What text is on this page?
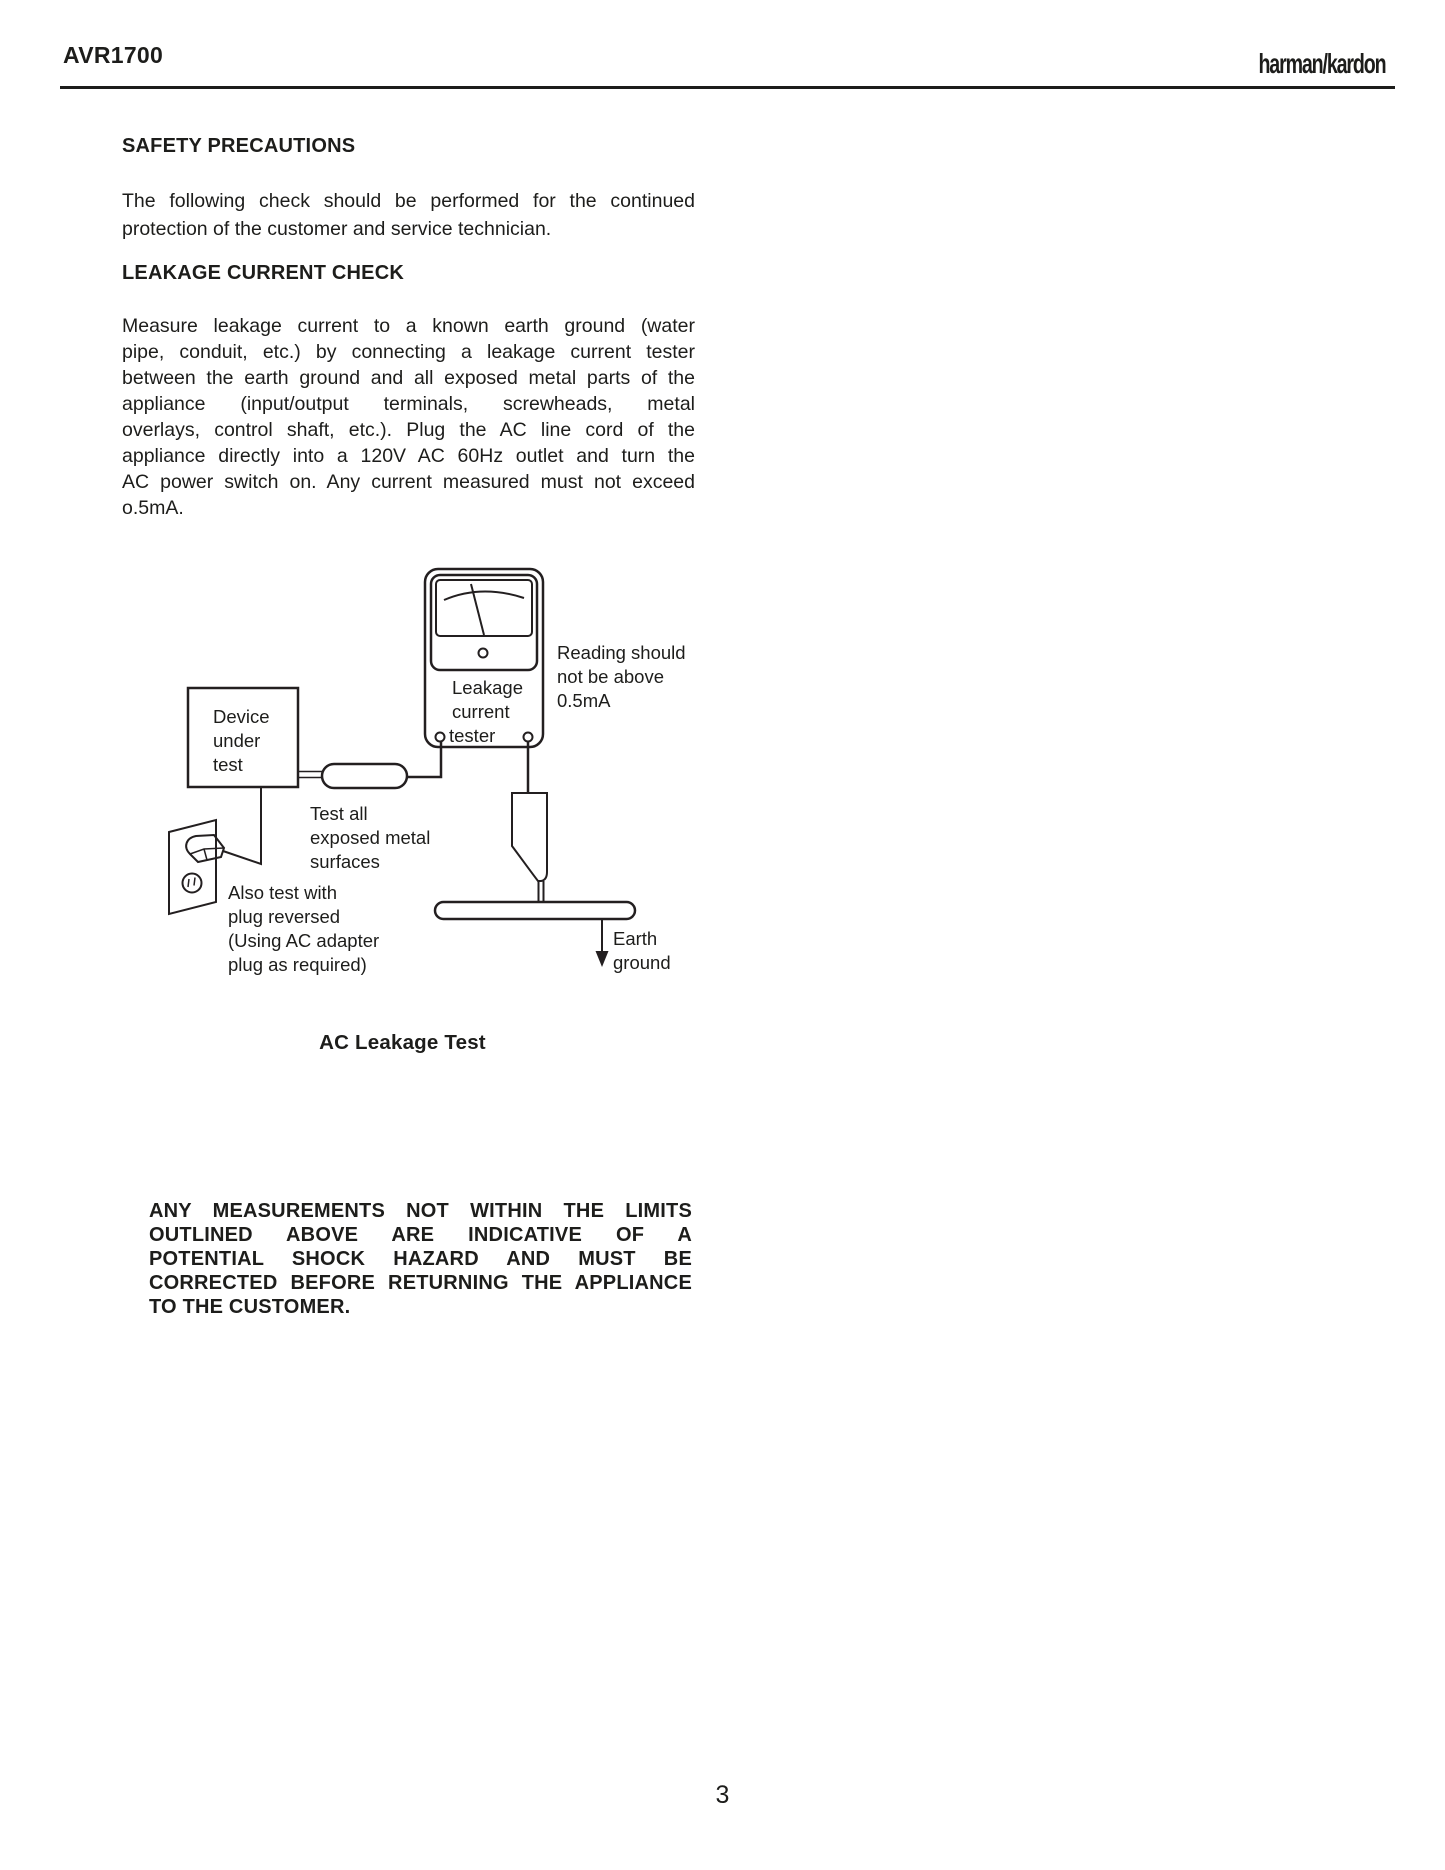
AVR1700	harman/kardon
SAFETY PRECAUTIONS
The following check should be performed for the continued
protection of the customer and service technician.
LEAKAGE CURRENT CHECK
Measure leakage current to a known earth ground (water
pipe, conduit, etc.) by connecting a leakage current tester
between the earth ground and all exposed metal parts of the
appliance (input/output terminals, screwheads, metal
overlays, control shaft, etc.). Plug the AC line cord of the
appliance directly into a 120V AC 60Hz outlet and turn the
AC power switch on. Any current measured must not exceed
o.5mA.
Leakage
current
tester
Reading should
not be above
0.5mA
Device
under
test
Test all
exposed metal
surfaces
Earth
ground
Also test with
plug reversed
(Using AC adapter
plug as required)
AC Leakage Test
ANY MEASUREMENTS NOT WITHIN THE LIMITS
OUTLINED ABOVE ARE INDICATIVE OF A
POTENTIAL SHOCK HAZARD AND MUST BE
CORRECTED BEFORE RETURNING THE APPLIANCE
TO THE CUSTOMER.
3
